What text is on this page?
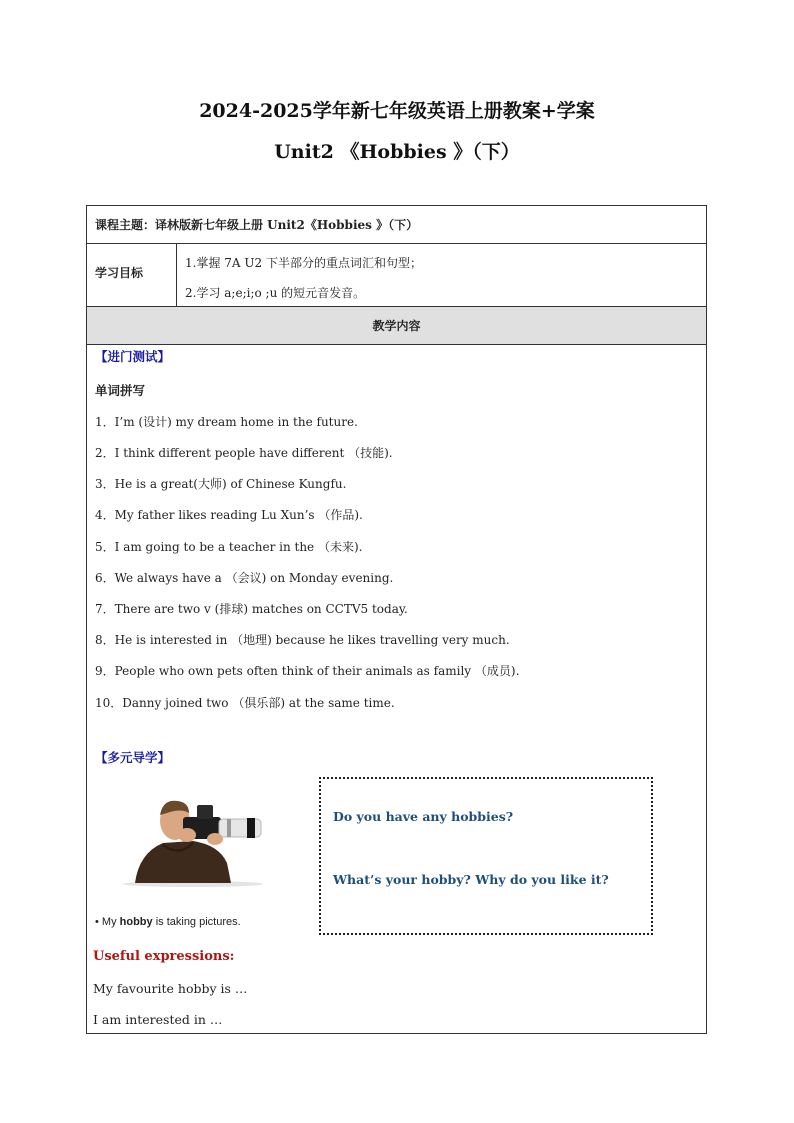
2024-2025学年新七年级英语上册教案+学案
Unit2 《Hobbies 》（下）
课程主题：译林版新七年级上册 Unit2《Hobbies 》（下）
学习目标
1.掌握 7A U2 下半部分的重点词汇和句型；
2.学习 a;e;i;o ;u 的短元音发音。
教学内容
【进门测试】
单词拼写
1．I’m (设计) my dream home in the future.
2．I think different people have different （技能).
3．He is a great(大师) of Chinese Kungfu.
4．My father likes reading Lu Xun’s （作品).
5．I am going to be a teacher in the （未来).
6．We always have a （会议) on Monday evening.
7．There are two v (排球) matches on CCTV5 today.
8．He is interested in （地理) because he likes travelling very much.
9．People who own pets often think of their animals as family （成员).
10．Danny joined two （俱乐部) at the same time.
【多元导学】
• My hobby is taking pictures.
Do you have any hobbies?
What’s your hobby? Why do you like it?
Useful expressions:
My favourite hobby is …
I am interested in …
